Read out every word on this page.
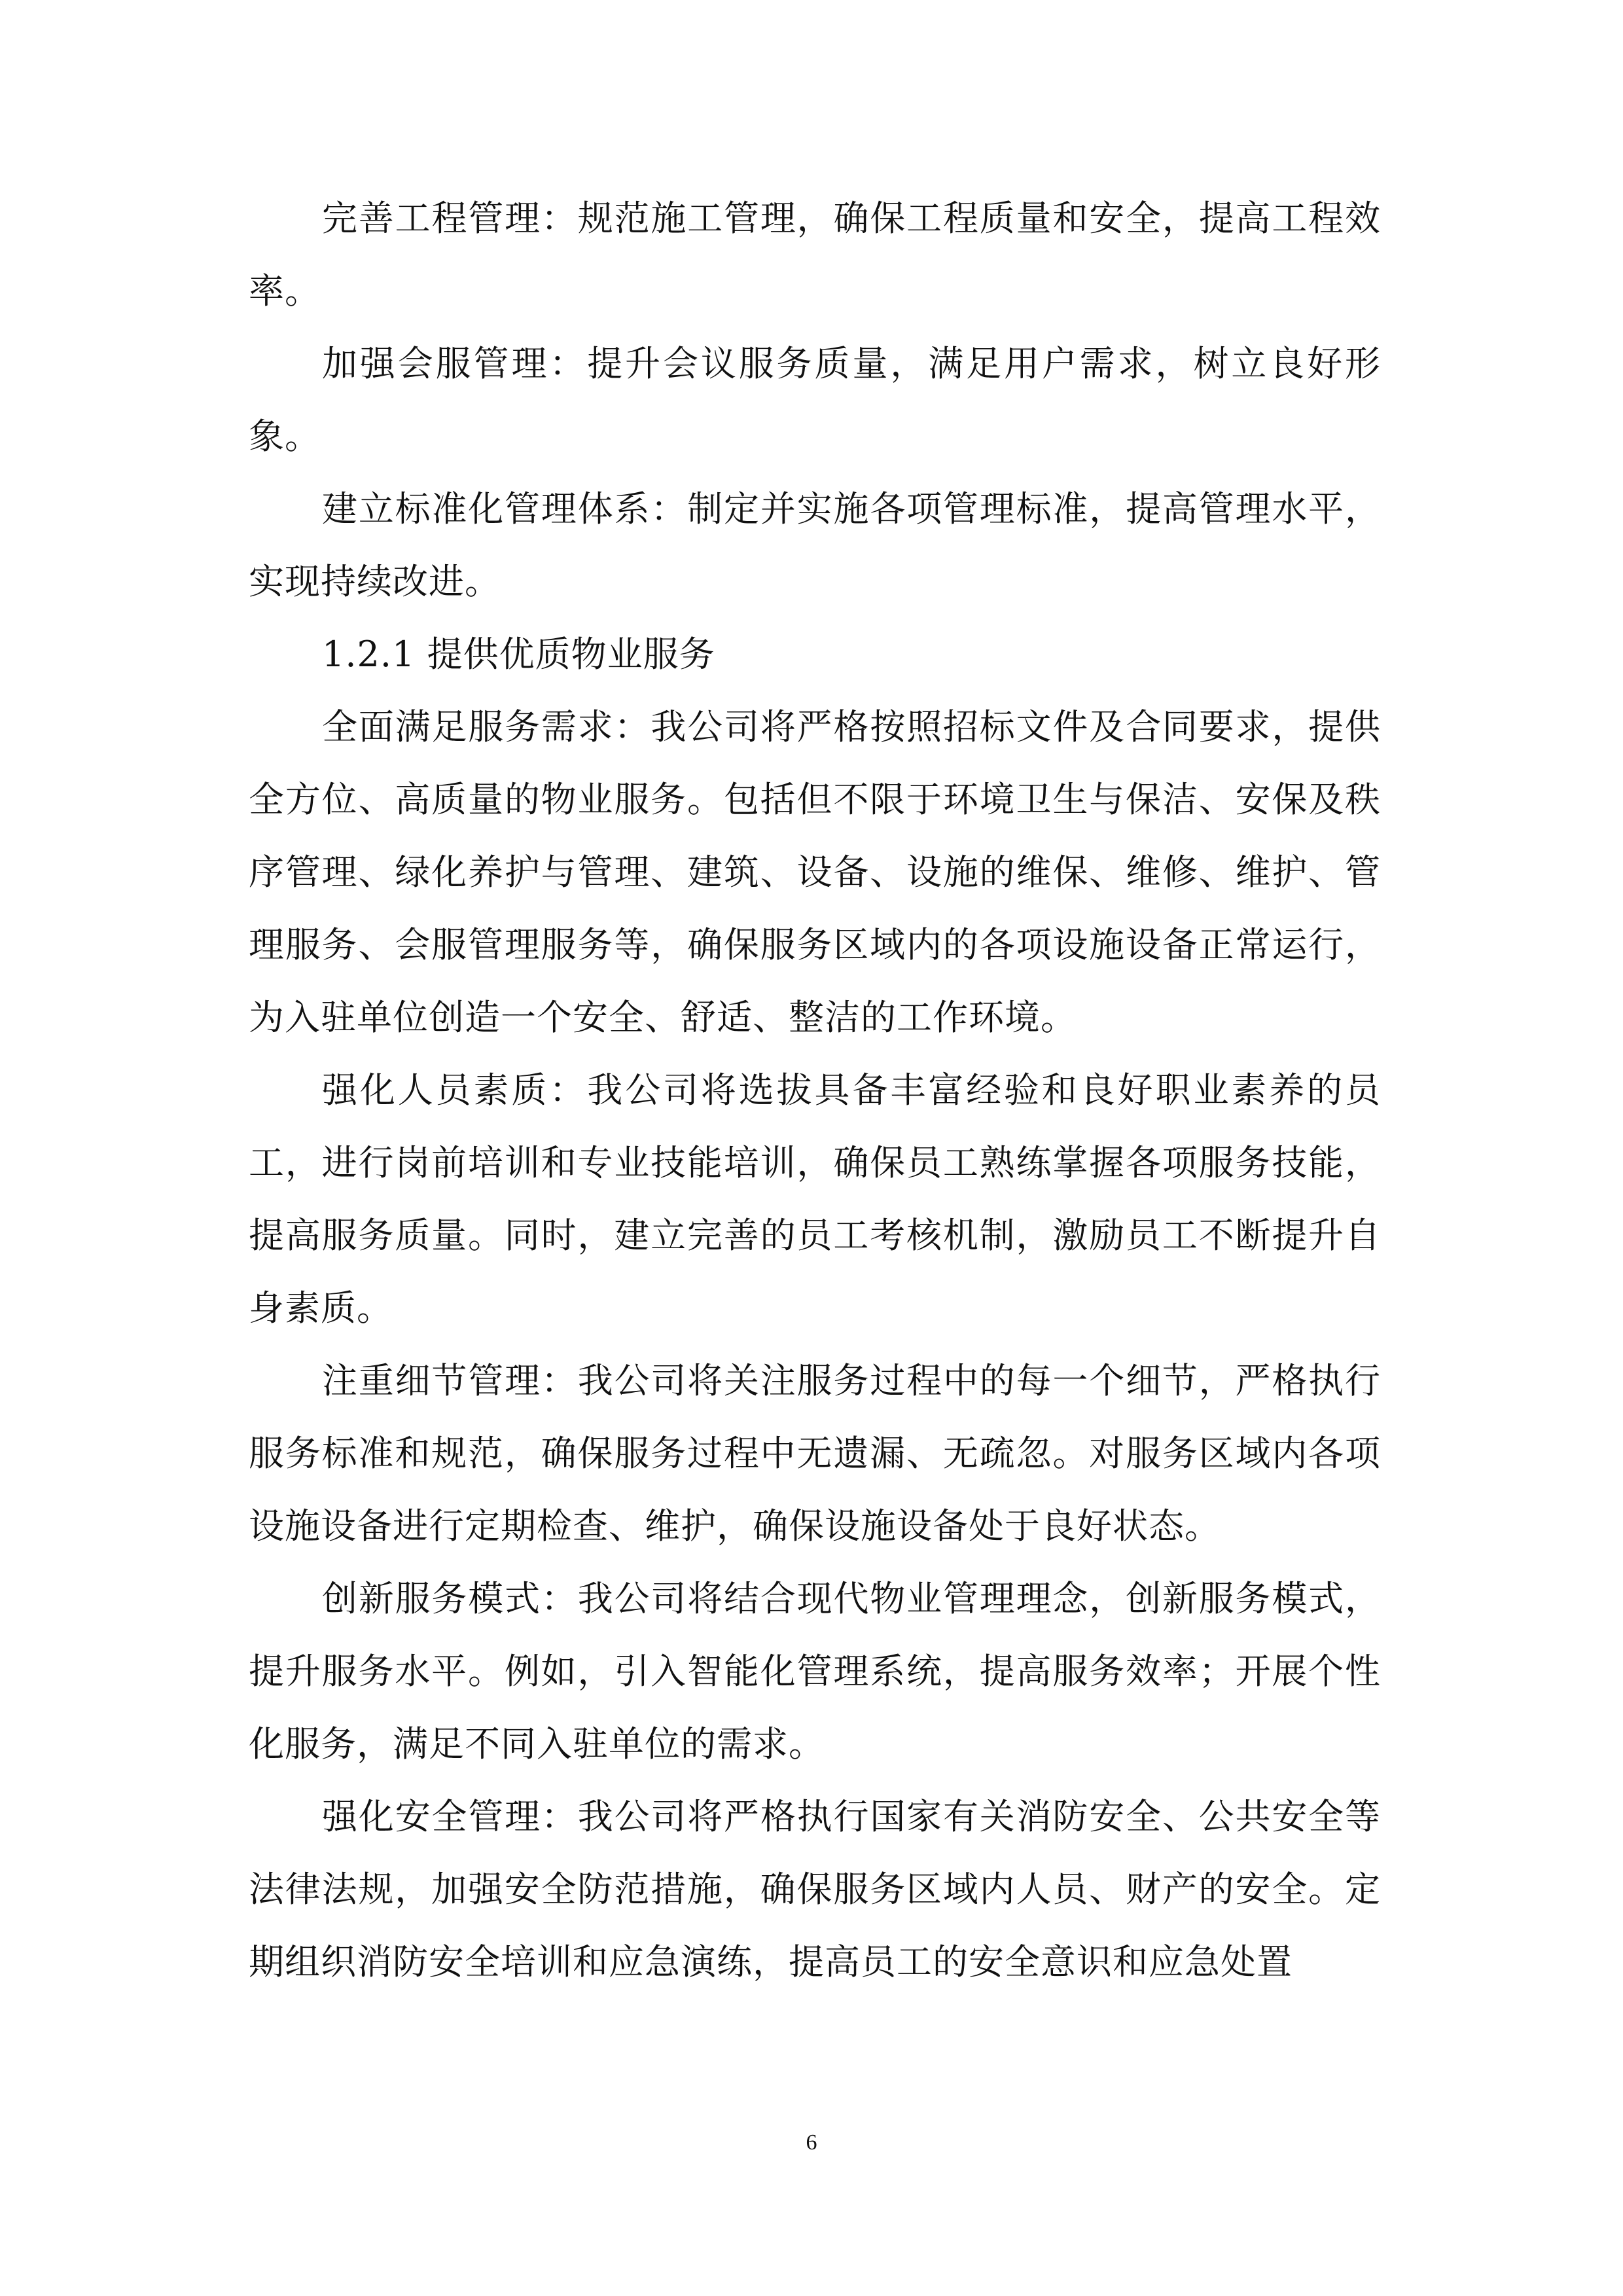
完善工程管理：规范施工管理，确保工程质量和安全，提高工程效率。

加强会服管理：提升会议服务质量，满足用户需求，树立良好形象。

建立标准化管理体系：制定并实施各项管理标准，提高管理水平，实现持续改进。

1.2.1 提供优质物业服务

全面满足服务需求：我公司将严格按照招标文件及合同要求，提供全方位、高质量的物业服务。包括但不限于环境卫生与保洁、安保及秩序管理、绿化养护与管理、建筑、设备、设施的维保、维修、维护、管理服务、会服管理服务等，确保服务区域内的各项设施设备正常运行，为入驻单位创造一个安全、舒适、整洁的工作环境。

强化人员素质：我公司将选拔具备丰富经验和良好职业素养的员工，进行岗前培训和专业技能培训，确保员工熟练掌握各项服务技能，提高服务质量。同时，建立完善的员工考核机制，激励员工不断提升自身素质。

注重细节管理：我公司将关注服务过程中的每一个细节，严格执行服务标准和规范，确保服务过程中无遗漏、无疏忽。对服务区域内各项设施设备进行定期检查、维护，确保设施设备处于良好状态。

创新服务模式：我公司将结合现代物业管理理念，创新服务模式，提升服务水平。例如，引入智能化管理系统，提高服务效率；开展个性化服务，满足不同入驻单位的需求。

强化安全管理：我公司将严格执行国家有关消防安全、公共安全等法律法规，加强安全防范措施，确保服务区域内人员、财产的安全。定期组织消防安全培训和应急演练，提高员工的安全意识和应急处置

6
